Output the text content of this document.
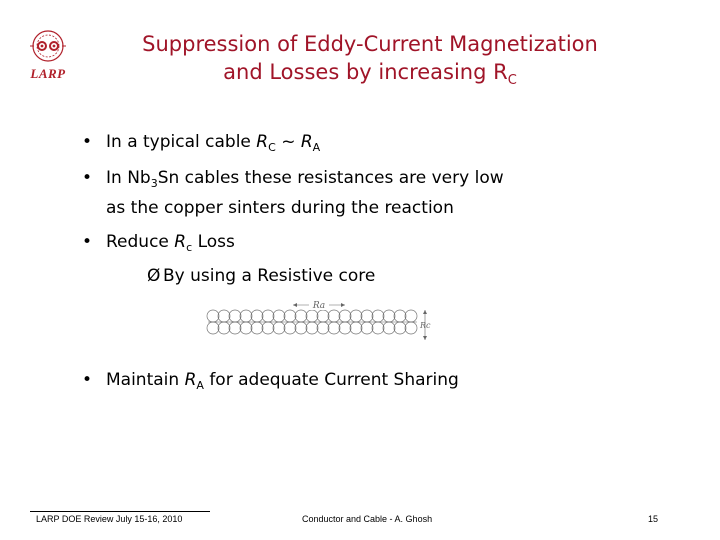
LARP
Suppression of Eddy-Current Magnetization
and Losses by increasing $R_C$
• In a typical cable $R_C$ ~ $R_A$
• In $Nb_3Sn$ cables these resistances are very low
as the copper sinters during the reaction
• Reduce $R_c$ Loss
Ø By using a Resistive core
• Maintain $R_A$ for adequate Current Sharing
Ra
Rc
LARP DOE Review July 15-16, 2010	Conductor and Cable - A. Ghosh	15
